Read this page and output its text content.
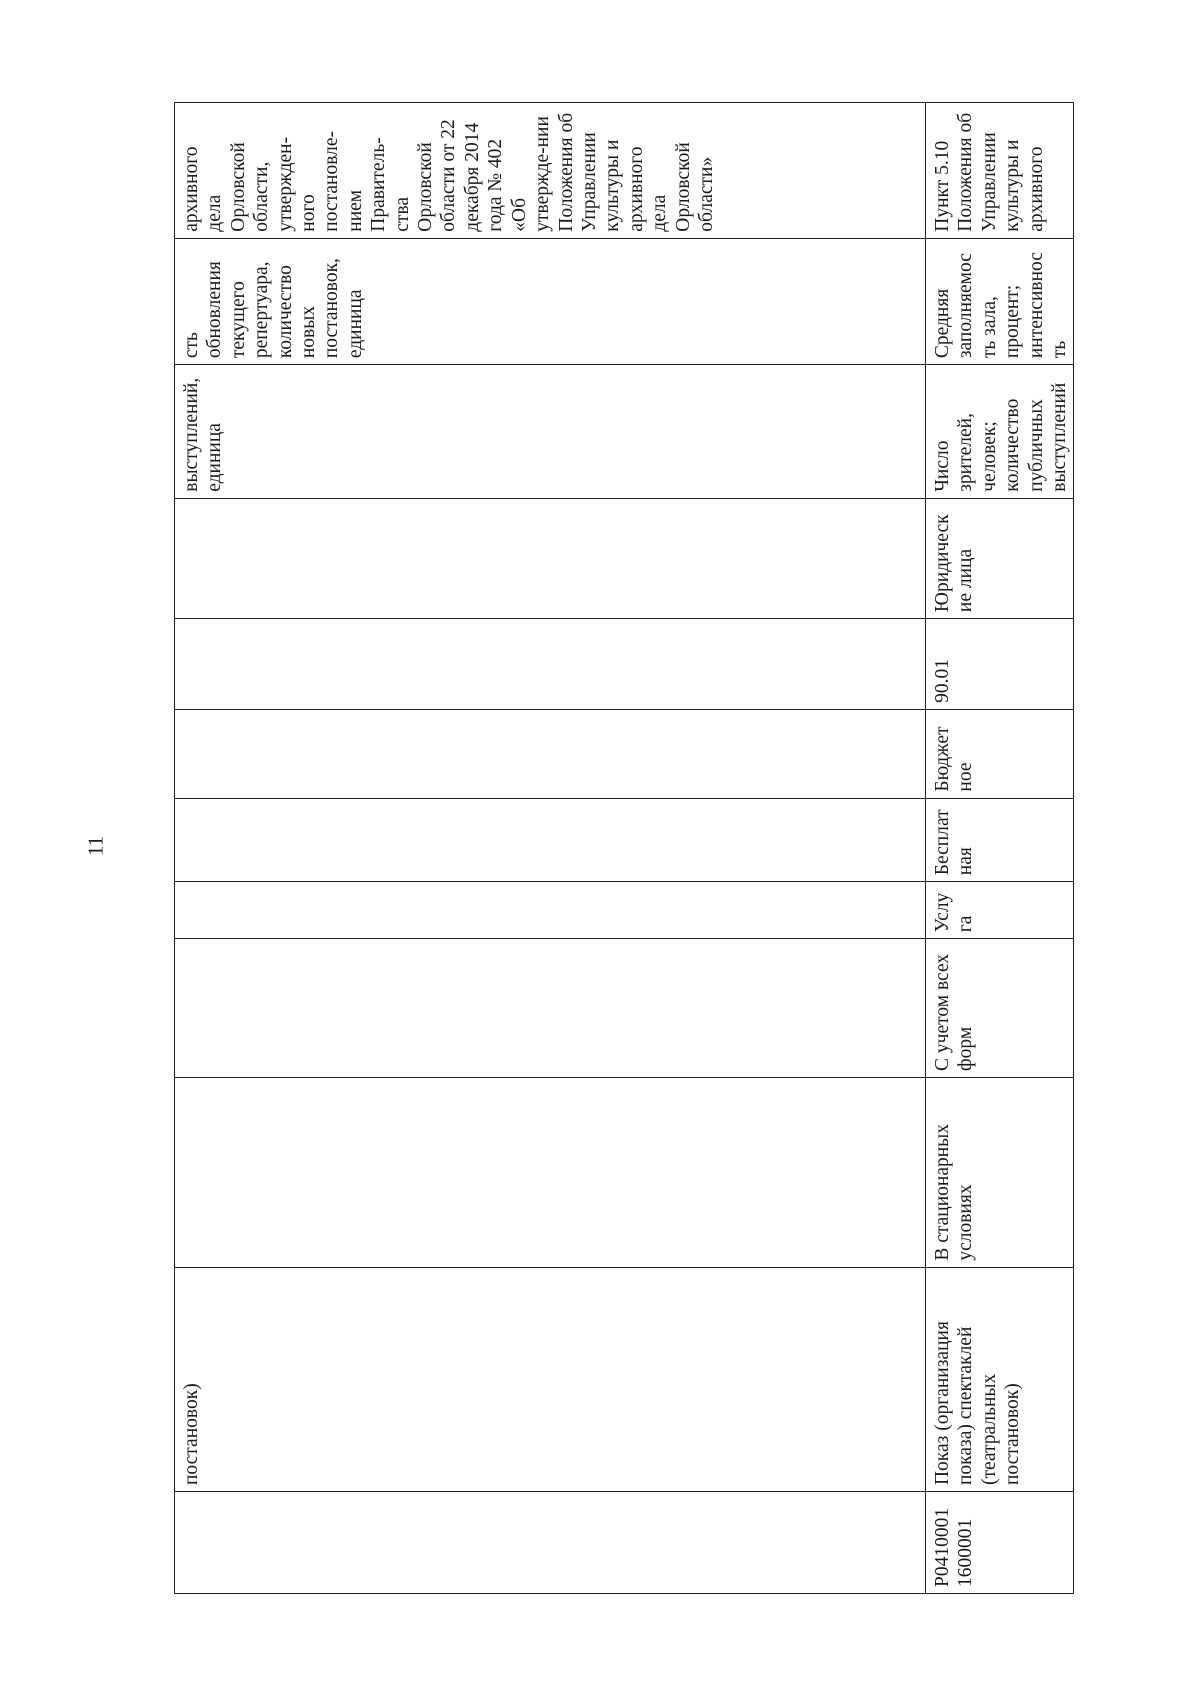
11

	постановок)								выступлений, единица	сть обновления текущего репертуара, количество новых постановок, единица	архивного дела Орловской области, утвержден-ного постановле-нием Правитель-ства Орловской области от 22 декабря 2014 года № 402 «Об утвержде-нии Положения об Управлении культуры и архивного дела Орловской области»

Р04100011600001	Показ (организация показа) спектаклей (театральных постановок)	В стационарных условиях	С учетом всех форм	Услуга	Бесплатная	Бюджетное	90.01	Юридические лица	Число зрителей, человек; количество публичных выступлений	Средняя заполняемость зала, процент; интенсивность	Пункт 5.10 Положения об Управлении культуры и архивного
